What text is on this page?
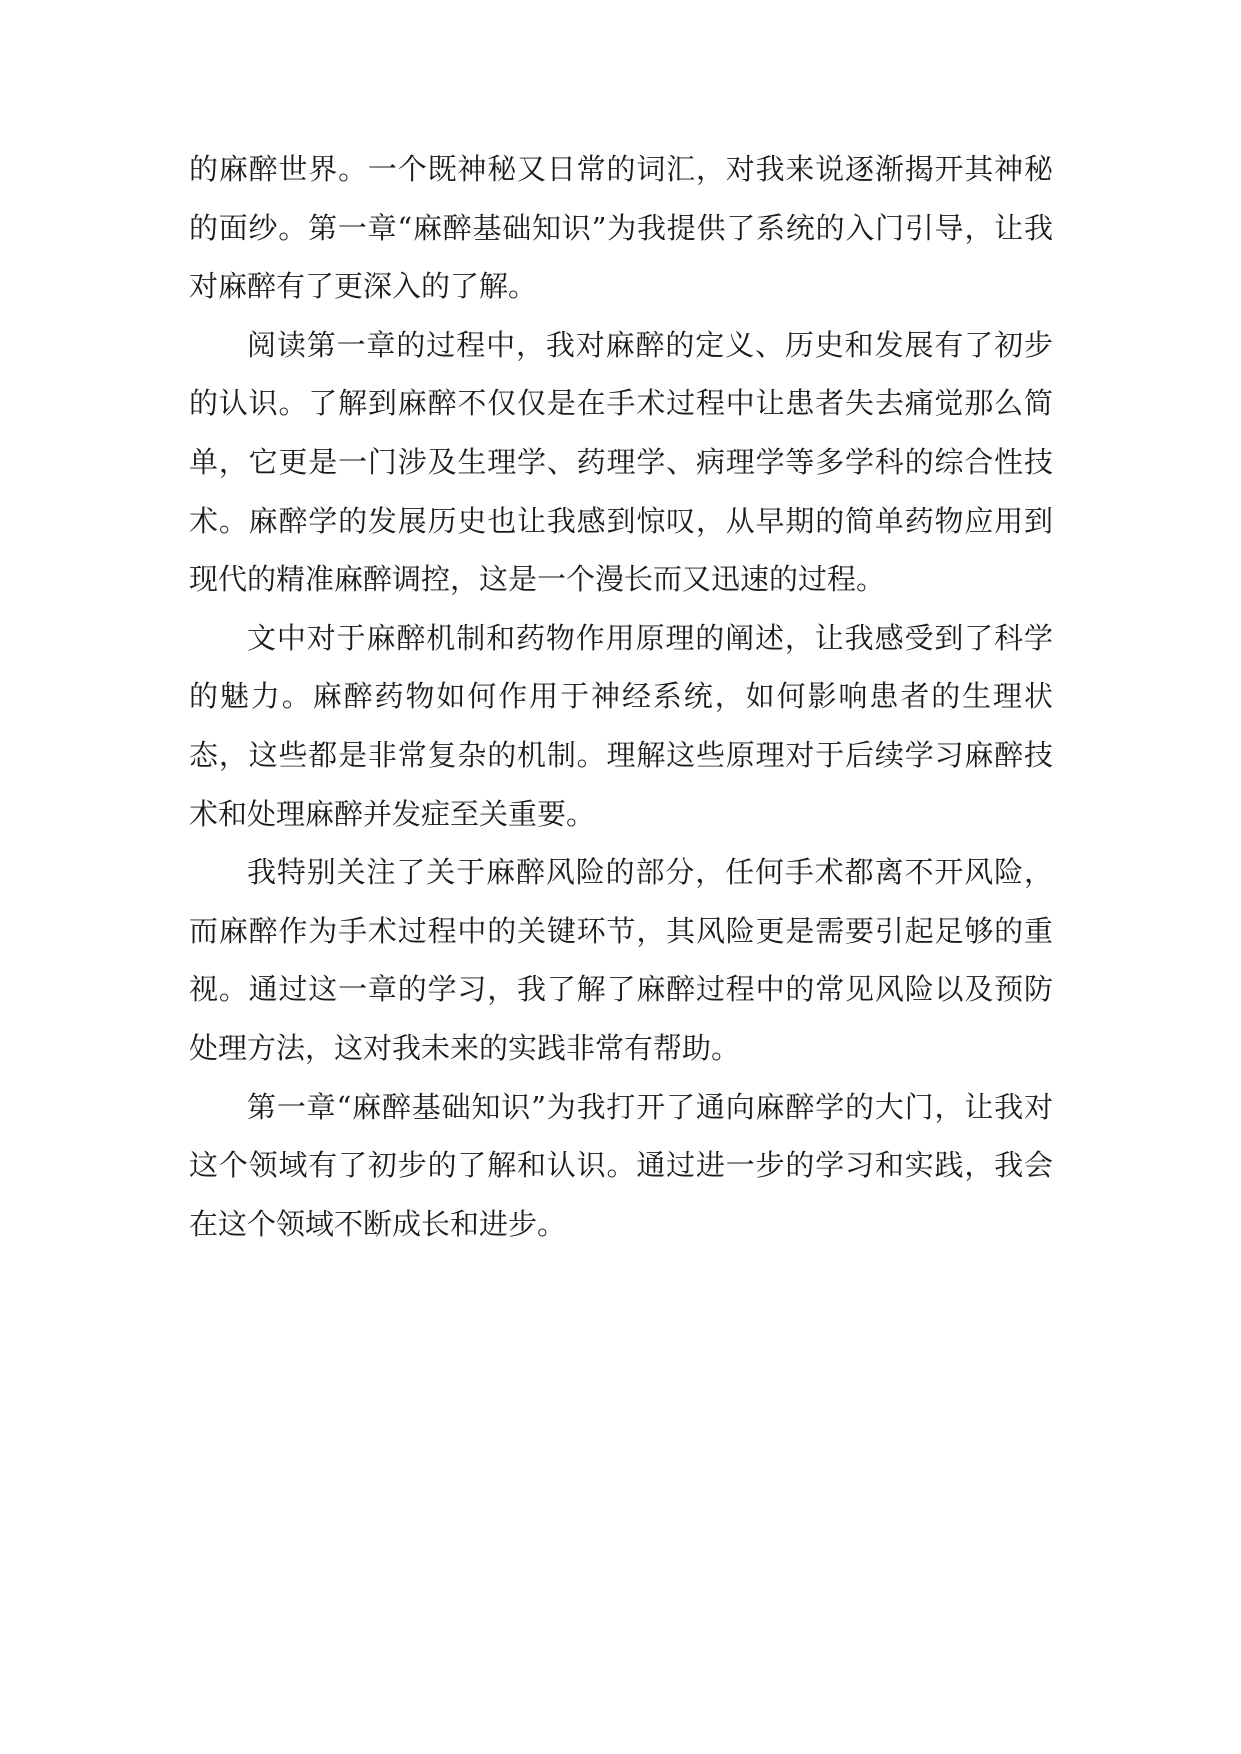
的麻醉世界。一个既神秘又日常的词汇，对我来说逐渐揭开其神秘的面纱。第一章“麻醉基础知识”为我提供了系统的入门引导，让我对麻醉有了更深入的了解。

阅读第一章的过程中，我对麻醉的定义、历史和发展有了初步的认识。了解到麻醉不仅仅是在手术过程中让患者失去痛觉那么简单，它更是一门涉及生理学、药理学、病理学等多学科的综合性技术。麻醉学的发展历史也让我感到惊叹，从早期的简单药物应用到现代的精准麻醉调控，这是一个漫长而又迅速的过程。

文中对于麻醉机制和药物作用原理的阐述，让我感受到了科学的魅力。麻醉药物如何作用于神经系统，如何影响患者的生理状态，这些都是非常复杂的机制。理解这些原理对于后续学习麻醉技术和处理麻醉并发症至关重要。

我特别关注了关于麻醉风险的部分，任何手术都离不开风险，而麻醉作为手术过程中的关键环节，其风险更是需要引起足够的重视。通过这一章的学习，我了解了麻醉过程中的常见风险以及预防处理方法，这对我未来的实践非常有帮助。

第一章“麻醉基础知识”为我打开了通向麻醉学的大门，让我对这个领域有了初步的了解和认识。通过进一步的学习和实践，我会在这个领域不断成长和进步。
